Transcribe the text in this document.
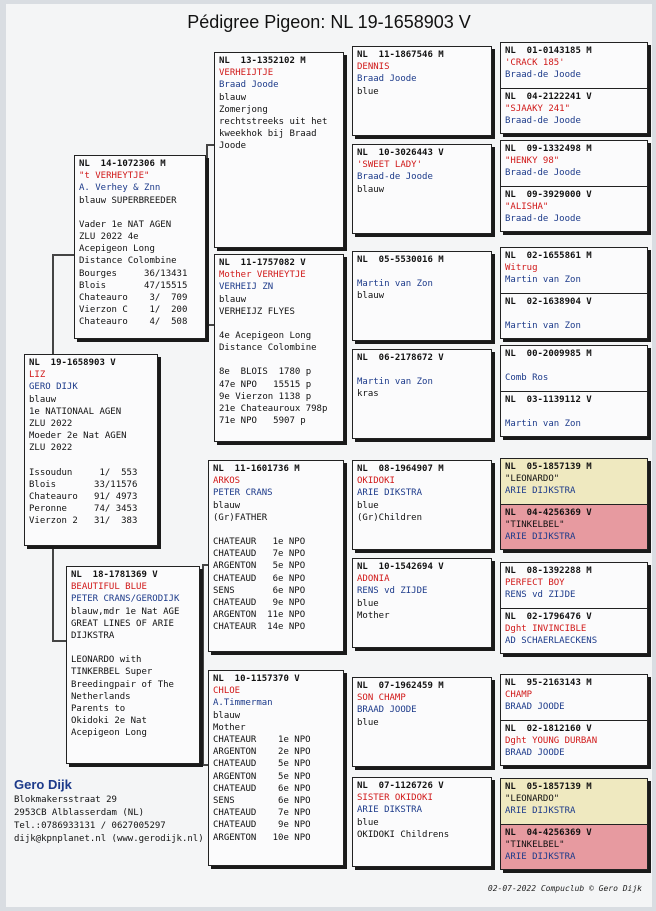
Pédigree Pigeon: NL 19-1658903 V
NL  19-1658903 V
LIZ
GERO DIJK
blauw
1e NATIONAAL AGEN
ZLU 2022
Moeder 2e Nat AGEN
ZLU 2022
Issoudun     1/  553
Blois       33/11576
Chateauro   91/ 4973
Peronne     74/ 3453
Vierzon 2   31/  383
NL  14-1072306 M
"t VERHEYTJE"
A. Verhey & Znn
blauw SUPERBREEDER
Vader 1e NAT AGEN
ZLU 2022 4e
Acepigeon Long
Distance Colombine
Bourges     36/13431
Blois       47/15515
Chateauro    3/  709
Vierzon C    1/  200
Chateauro    4/  508
NL  18-1781369 V
BEAUTIFUL BLUE
PETER CRANS/GERODIJK
blauw,mdr 1e Nat AGE
GREAT LINES OF ARIE
DIJKSTRA
LEONARDO with
TINKERBEL Super
Breedingpair of The
Netherlands
Parents to
Okidoki 2e Nat
Acepigeon Long
NL  13-1352102 M
VERHEIJTJE
Braad Joode
blauw
Zomerjong
rechtstreeks uit het
kweekhok bij Braad
Joode
NL  11-1757082 V
Mother VERHEYTJE
VERHEIJ ZN
blauw
VERHEIJZ FLYES
4e Acepigeon Long
Distance Colombine
8e  BLOIS  1780 p
47e NPO   15515 p
9e Vierzon 1138 p
21e Chateauroux 798p
71e NPO   5907 p
NL  11-1601736 M
ARKOS
PETER CRANS
blauw
(Gr)FATHER
CHATEAUR   1e NPO
CHATEAUD   7e NPO
ARGENTON   5e NPO
CHATEAUD   6e NPO
SENS       6e NPO
CHATEAUD   9e NPO
ARGENTON  11e NPO
CHATEAUR  14e NPO
NL  10-1157370 V
CHLOE
A.Timmerman
blauw
Mother
CHATEAUR    1e NPO
ARGENTON    2e NPO
CHATEAUD    5e NPO
ARGENTON    5e NPO
CHATEAUD    6e NPO
SENS        6e NPO
CHATEAUD    7e NPO
CHATEAUD    9e NPO
ARGENTON   10e NPO
NL  11-1867546 M
DENNIS
Braad Joode
blue
NL  10-3026443 V
'SWEET LADY'
Braad-de Joode
blauw
NL  05-5530016 M
Martin van Zon
blauw
NL  06-2178672 V
Martin van Zon
kras
NL  08-1964907 M
OKIDOKI
ARIE DIKSTRA
blue
(Gr)Children
NL  10-1542694 V
ADONIA
RENS vd ZIJDE
blue
Mother
NL  07-1962459 M
SON CHAMP
BRAAD JOODE
blue
NL  07-1126726 V
SISTER OKIDOKI
ARIE DIKSTRA
blue
OKIDOKI Childrens
NL  01-0143185 M
'CRACK 185'
Braad-de Joode
NL  04-2122241 V
"SJAAKY 241"
Braad-de Joode
NL  09-1332498 M
"HENKY 98"
Braad-de Joode
NL  09-3929000 V
"ALISHA"
Braad-de Joode
NL  02-1655861 M
Witrug
Martin van Zon
NL  02-1638904 V
Martin van Zon
NL  00-2009985 M
Comb Ros
NL  03-1139112 V
Martin van Zon
NL  05-1857139 M
"LEONARDO"
ARIE DIJKSTRA
NL  04-4256369 V
"TINKELBEL"
ARIE DIJKSTRA
NL  08-1392288 M
PERFECT BOY
RENS vd ZIJDE
NL  02-1796476 V
Dght INVINCIBLE
AD SCHAERLAECKENS
NL  95-2163143 M
CHAMP
BRAAD JOODE
NL  02-1812160 V
Dght YOUNG DURBAN
BRAAD JOODE
NL  05-1857139 M
"LEONARDO"
ARIE DIJKSTRA
NL  04-4256369 V
"TINKELBEL"
ARIE DIJKSTRA
Gero Dijk
Blokmakersstraat 29
2953CB Alblasserdam (NL)
Tel.:0786933131 / 0627005297
dijk@kpnplanet.nl (www.gerodijk.nl)
02-07-2022 Compuclub © Gero Dijk
